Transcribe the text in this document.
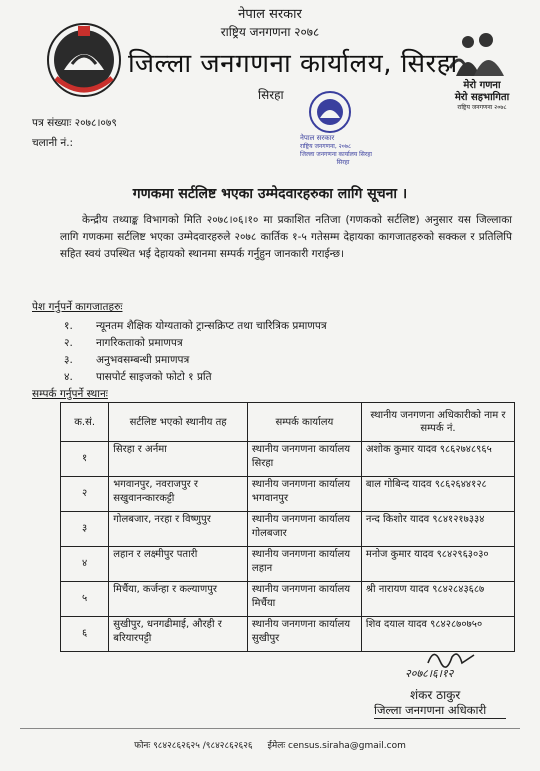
मेरो गणना
मेरो सहभागिता
राष्ट्रिय जनगणना २०७८
नेपाल सरकार
राष्ट्रिय जनगणना २०७८
जिल्ला जनगणना कार्यालय, सिरहा
सिरहा
नेपाल सरकार
राष्ट्रिय जनगणना, २०७८
जिल्ला जनगणना कार्यालय सिरहा
सिरहा
पत्र संख्याः २०७८।०७९
चलानी नं.:
गणकमा सर्टलिष्ट भएका उम्मेदवारहरुका लागि सूचना ।

केन्द्रीय तथ्याङ्क विभागको मिति २०७८।०६।१० मा प्रकाशित नतिजा (गणकको सर्टलिष्ट) अनुसार यस जिल्लाका लागि गणकमा सर्टलिष्ट भएका उम्मेदवारहरुले २०७८ कार्तिक १-५ गतेसम्म देहायका कागजातहरुको सक्कल र प्रतिलिपि सहित स्वयं उपस्थित भई देहायको स्थानमा सम्पर्क गर्नुहुन जानकारी गराईन्छ।

पेश गर्नुपर्ने कागजातहरुः
१.	न्यूनतम शैक्षिक योग्यताको ट्रान्सक्रिप्ट तथा चारित्रिक प्रमाणपत्र
२.	नागरिकताको प्रमाणपत्र
३.	अनुभवसम्बन्धी प्रमाणपत्र
४.	पासपोर्ट साइजको फोटो १ प्रति
सम्पर्क गर्नुपर्ने स्थानः
क.सं.	सर्टलिष्ट भएको स्थानीय तह	सम्पर्क कार्यालय	स्थानीय जनगणना अधिकारीको नाम र सम्पर्क नं.
१	सिरहा र अर्नमा	स्थानीय जनगणना कार्यालय सिरहा	अशोक कुमार यादव ९८६२७४८९६५
२	भगवानपुर, नवराजपुर र सखुवानन्कारकट्टी	स्थानीय जनगणना कार्यालय भगवानपुर	बाल गोबिन्द यादव ९८६२६४४१२८
३	गोलबजार, नरहा र विष्णुपुर	स्थानीय जनगणना कार्यालय गोलबजार	नन्द किशोर यादव ९८४१२१७३३४
४	लहान र लक्ष्मीपुर पतारी	स्थानीय जनगणना कार्यालय लहान	मनोज कुमार यादव ९८४२९६३०३०
५	मिर्चैया, कर्जन्हा र कल्याणपुर	स्थानीय जनगणना कार्यालय मिर्चैया	श्री नारायण यादव ९८४२८४३६८७
६	सुखीपुर, धनगढीमाई, औरही र बरियारपट्टी	स्थानीय जनगणना कार्यालय सुखीपुर	शिव दयाल यादव ९८४२८७०७५०
२०७८।६।१२
शंकर ठाकुर
जिल्ला जनगणना अधिकारी
फोनः ९८४२८६२६२५ /९८४२८६२६२६ ईमेलः census.siraha@gmail.com
